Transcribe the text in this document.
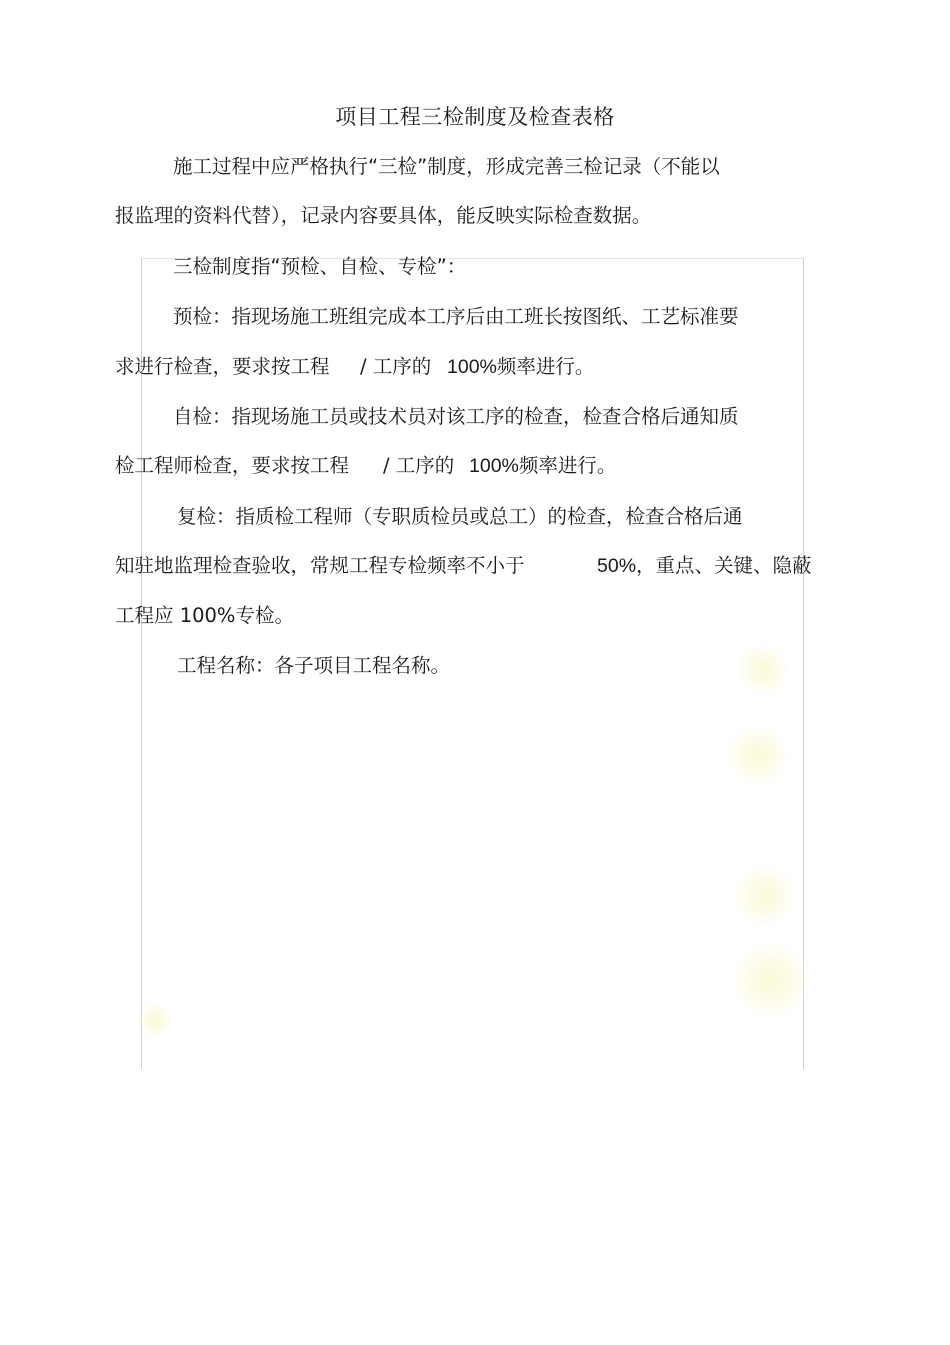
项目工程三检制度及检查表格
施工过程中应严格执行“三检”制度，形成完善三检记录（不能以
报监理的资料代替），记录内容要具体，能反映实际检查数据。
三检制度指“预检、自检、专检”：
预检：指现场施工班组完成本工序后由工班长按图纸、工艺标准要
求进行检查，要求按工程 / 工序的 100%频率进行。
自检：指现场施工员或技术员对该工序的检查，检查合格后通知质
检工程师检查，要求按工程 / 工序的 100%频率进行。
复检：指质检工程师（专职质检员或总工）的检查，检查合格后通
知驻地监理检查验收，常规工程专检频率不小于	50%，重点、关键、隐蔽
工程应 100%专检。
工程名称：各子项目工程名称。
